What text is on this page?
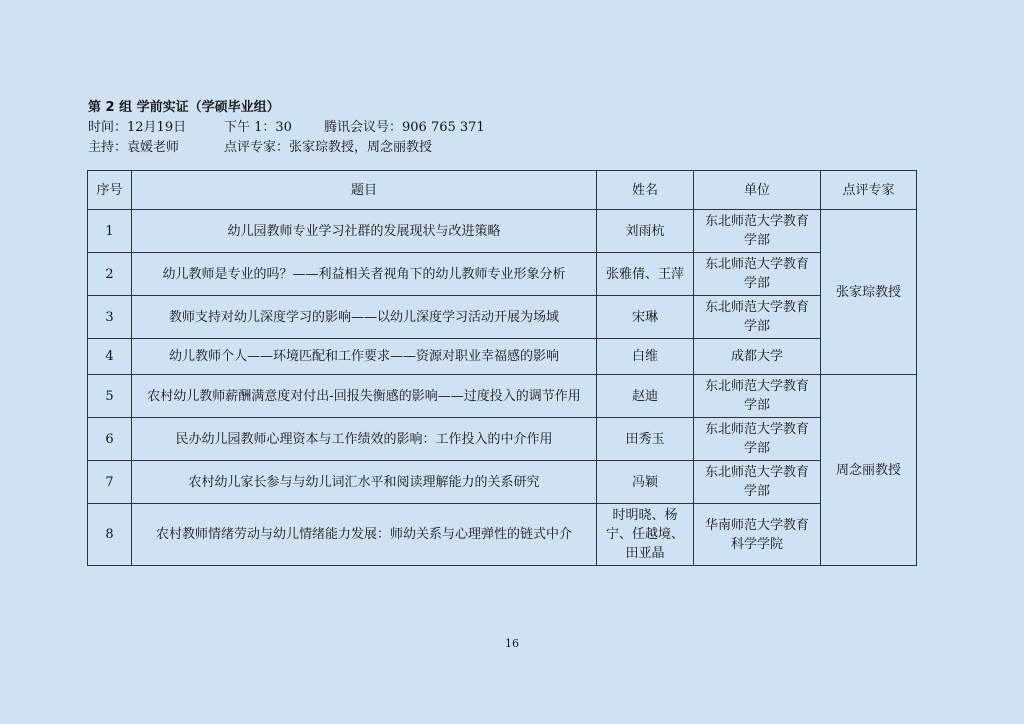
第 2 组 学前实证（学硕毕业组）
时间：12月19日	下午 1：30 腾讯会议号：906 765 371
主持：袁媛老师	点评专家：张家琮教授，周念丽教授
序号	题目	姓名	单位	点评专家
1	幼儿园教师专业学习社群的发展现状与改进策略	刘雨杭	东北师范大学教育学部	张家琮教授
2	幼儿教师是专业的吗？——利益相关者视角下的幼儿教师专业形象分析	张雅倩、王萍	东北师范大学教育学部	
3	教师支持对幼儿深度学习的影响——以幼儿深度学习活动开展为场域	宋琳	东北师范大学教育学部	
4	幼儿教师个人——环境匹配和工作要求——资源对职业幸福感的影响	白维	成都大学	
5	农村幼儿教师薪酬满意度对付出-回报失衡感的影响——过度投入的调节作用	赵迪	东北师范大学教育学部	周念丽教授
6	民办幼儿园教师心理资本与工作绩效的影响：工作投入的中介作用	田秀玉	东北师范大学教育学部	
7	农村幼儿家长参与与幼儿词汇水平和阅读理解能力的关系研究	冯颖	东北师范大学教育学部	
8	农村教师情绪劳动与幼儿情绪能力发展：师幼关系与心理弹性的链式中介	时明晓、杨宁、任越境、田亚晶	华南师范大学教育科学学院	
16
